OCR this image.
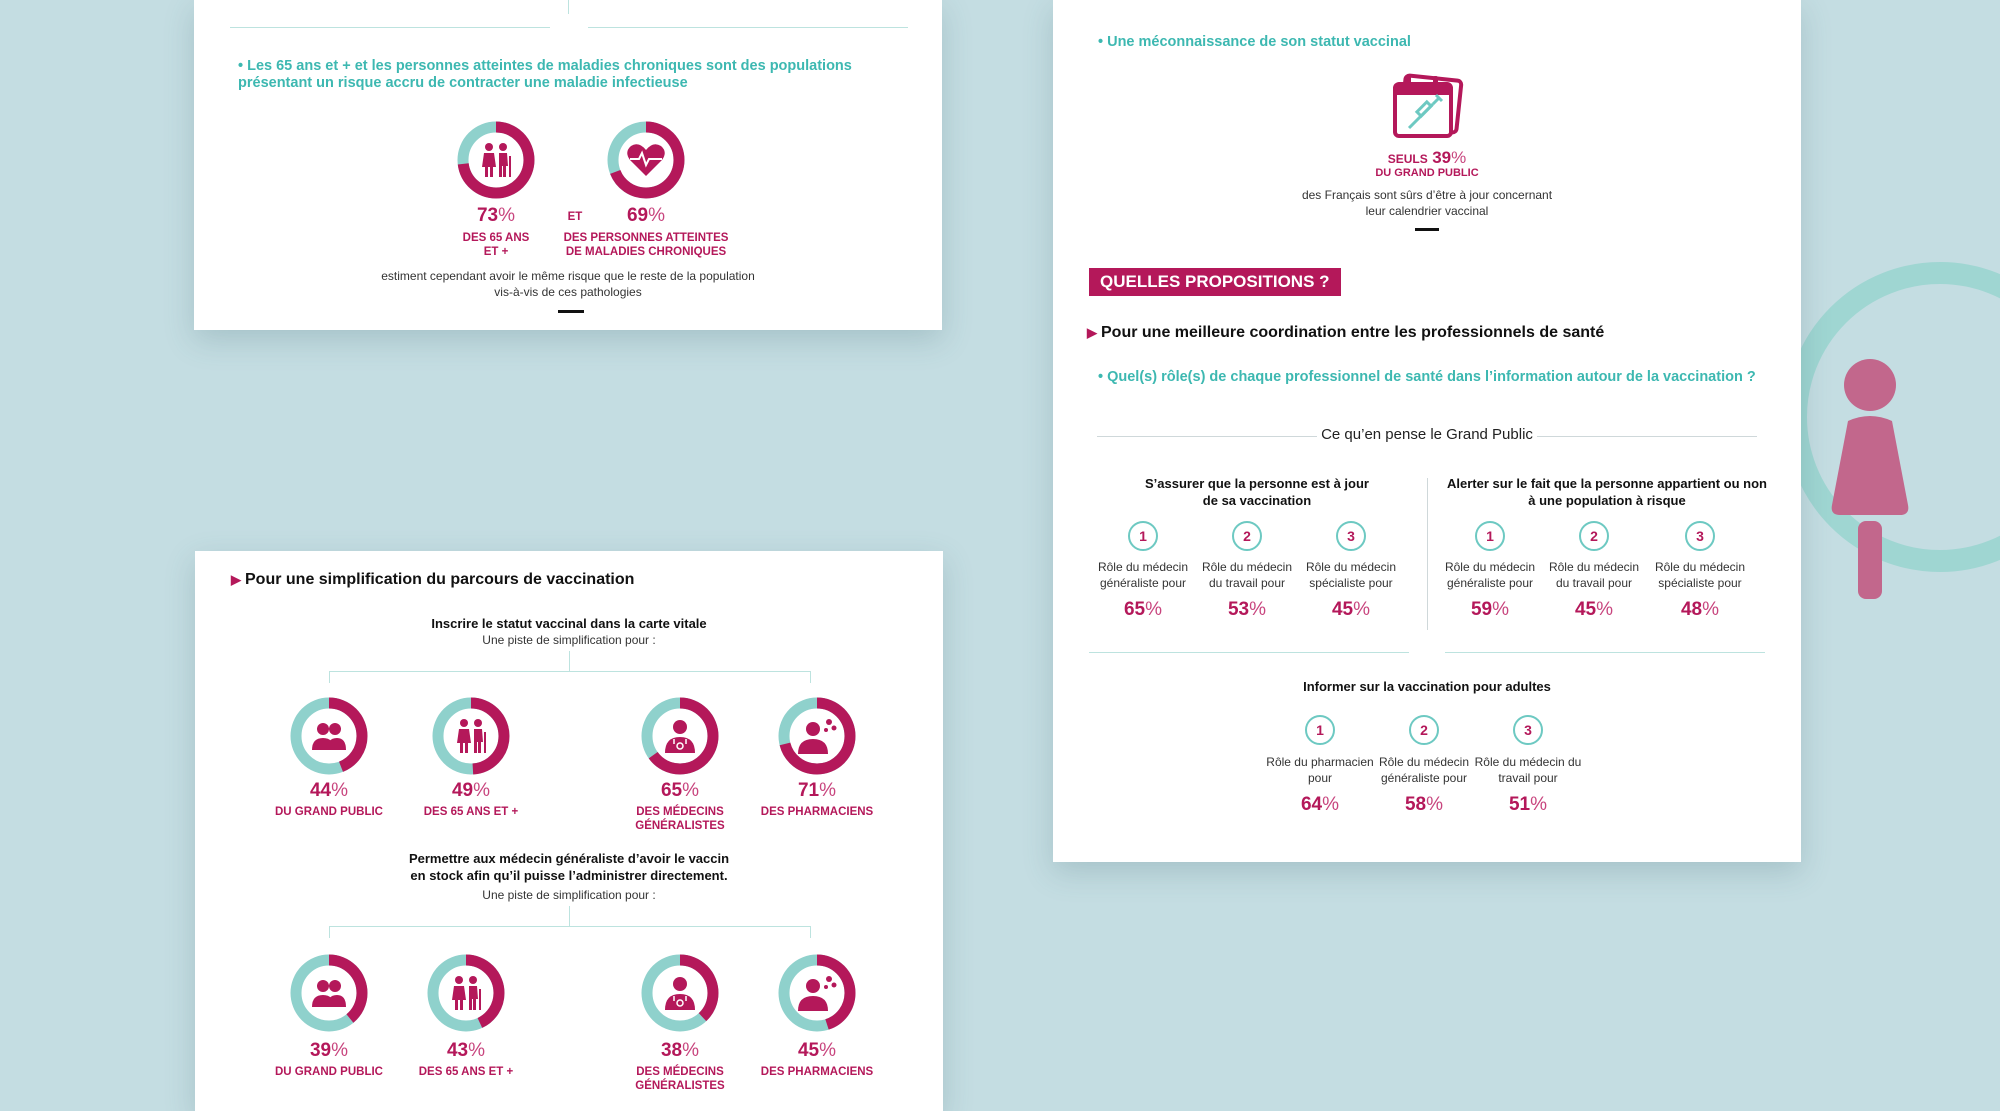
• Les 65 ans et + et les personnes atteintes de maladies chroniques sont des populations présentant un risque accru de contracter une maladie infectieuse
73%
DES 65 ANS
ET +
ET	69%
DES PERSONNES ATTEINTES
DE MALADIES CHRONIQUES
estiment cependant avoir le même risque que le reste de la population
vis-à-vis de ces pathologies
▶ Pour une simplification du parcours de vaccination
Inscrire le statut vaccinal dans la carte vitale
Une piste de simplification pour :
44%
DU GRAND PUBLIC
49%
DES 65 ANS ET +
65%
DES MÉDECINS
GÉNÉRALISTES
71%
DES PHARMACIENS
Permettre aux médecin généraliste d’avoir le vaccin
en stock afin qu’il puisse l’administrer directement.
Une piste de simplification pour :
39%
DU GRAND PUBLIC
43%
DES 65 ANS ET +
38%
DES MÉDECINS
GÉNÉRALISTES
45%
DES PHARMACIENS
• Une méconnaissance de son statut vaccinal
SEULS 39%
DU GRAND PUBLIC
des Français sont sûrs d’être à jour concernant
leur calendrier vaccinal
QUELLES PROPOSITIONS ?
▶ Pour une meilleure coordination entre les professionnels de santé
• Quel(s) rôle(s) de chaque professionnel de santé dans l’information autour de la vaccination ?
Ce qu’en pense le Grand Public
S’assurer que la personne est à jour
de sa vaccination
1
Rôle du médecin
généraliste pour
65%
2
Rôle du médecin
du travail pour
53%
3
Rôle du médecin
spécialiste pour
45%
Alerter sur le fait que la personne appartient ou non
à une population à risque
1
Rôle du médecin
généraliste pour
59%
2
Rôle du médecin
du travail pour
45%
3
Rôle du médecin
spécialiste pour
48%
Informer sur la vaccination pour adultes
1
Rôle du pharmacien
pour
64%
2
Rôle du médecin
généraliste pour
58%
3
Rôle du médecin du
travail pour
51%
